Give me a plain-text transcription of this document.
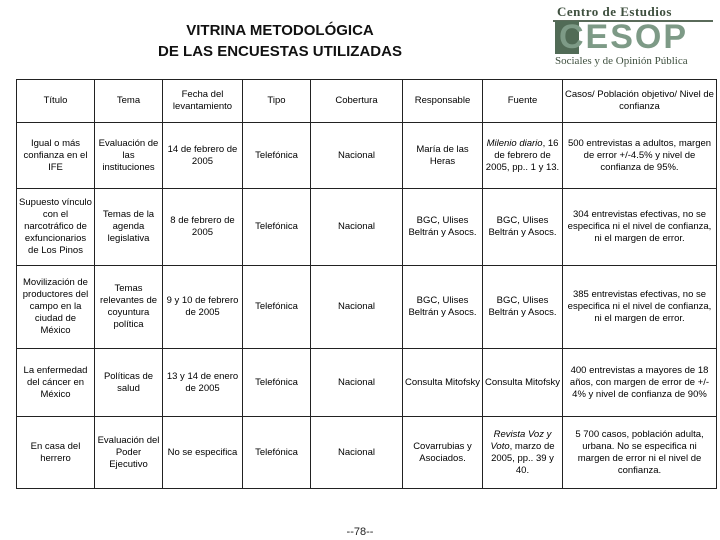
VITRINA METODOLÓGICA
DE LAS ENCUESTAS UTILIZADAS
Centro de Estudios
CESOP
Sociales y de Opinión Pública
Título	Tema	Fecha del levantamiento	Tipo	Cobertura	Responsable	Fuente	Casos/ Población objetivo/ Nivel de confianza
Igual o más confianza en el IFE	Evaluación de las instituciones	14 de febrero de 2005	Telefónica	Nacional	María de las Heras	Milenio diario, 16 de febrero de 2005, pp.. 1 y 13.	500 entrevistas a adultos, margen de error +/-4.5% y nivel de confianza de 95%.
Supuesto vínculo con el narcotráfico de exfuncionarios de Los Pinos	Temas de la agenda legislativa	8 de febrero de 2005	Telefónica	Nacional	BGC, Ulises Beltrán y Asocs.	BGC, Ulises Beltrán y Asocs.	304 entrevistas efectivas, no se especifica ni el nivel de confianza, ni el margen de error.
Movilización de productores del campo en la ciudad de México	Temas relevantes de coyuntura política	9 y 10 de febrero de 2005	Telefónica	Nacional	BGC, Ulises Beltrán y Asocs.	BGC, Ulises Beltrán y Asocs.	385 entrevistas efectivas, no se especifica ni el nivel de confianza, ni el margen de error.
La enfermedad del cáncer en México	Políticas de salud	13 y 14 de enero de 2005	Telefónica	Nacional	Consulta Mitofsky	Consulta Mitofsky	400 entrevistas a mayores de 18 años, con margen de error de +/- 4% y nivel de confianza de 90%
En casa del herrero	Evaluación del Poder Ejecutivo	No se especifica	Telefónica	Nacional	Covarrubias y Asociados.	Revista Voz y Voto, marzo de 2005, pp.. 39 y 40.	5 700 casos, población adulta, urbana. No se especifica ni margen de error ni el nivel de confianza.
--78--
